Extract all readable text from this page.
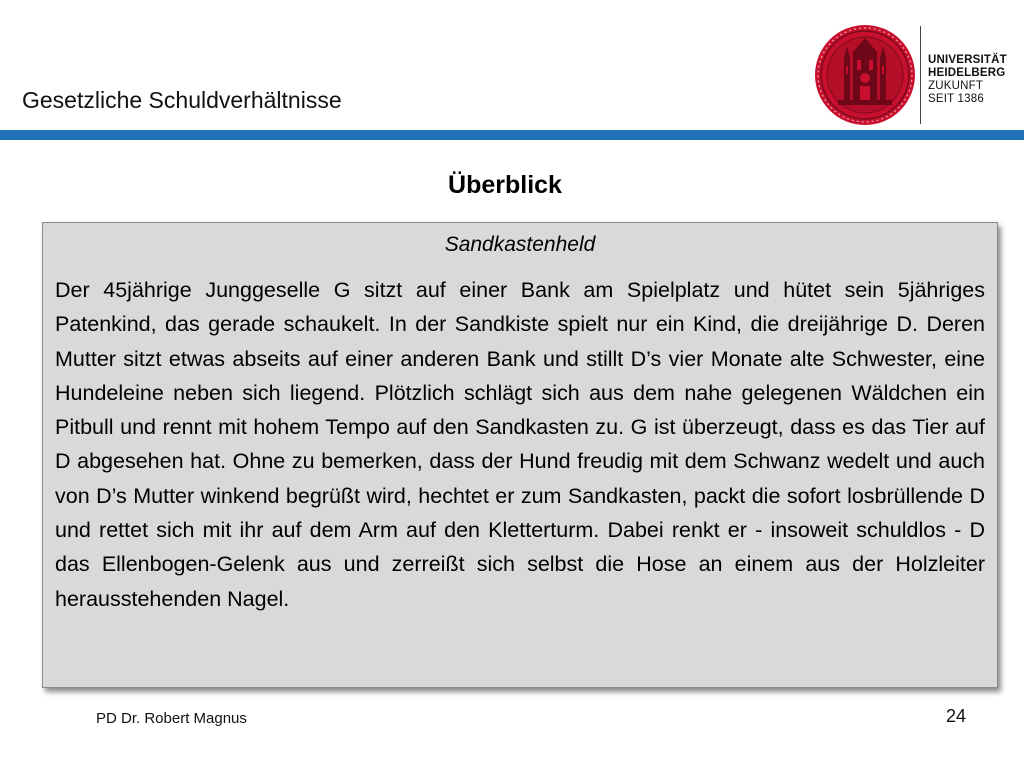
Gesetzliche Schuldverhältnisse
UNIVERSITÄT
HEIDELBERG
ZUKUNFT
SEIT 1386
Überblick
Sandkastenheld
Der 45jährige Junggeselle G sitzt auf einer Bank am Spielplatz und hütet sein 5jähriges Patenkind, das gerade schaukelt. In der Sandkiste spielt nur ein Kind, die dreijährige D. Deren Mutter sitzt etwas abseits auf einer anderen Bank und stillt D’s vier Monate alte Schwester, eine Hundeleine neben sich liegend. Plötzlich schlägt sich aus dem nahe gelegenen Wäldchen ein Pitbull und rennt mit hohem Tempo auf den Sandkasten zu. G ist überzeugt, dass es das Tier auf D abgesehen hat. Ohne zu bemerken, dass der Hund freudig mit dem Schwanz wedelt und auch von D’s Mutter winkend begrüßt wird, hechtet er zum Sandkasten, packt die sofort losbrüllende D und rettet sich mit ihr auf dem Arm auf den Kletterturm. Dabei renkt er - insoweit schuldlos - D das Ellenbogen-Gelenk aus und zerreißt sich selbst die Hose an einem aus der Holzleiter herausstehenden Nagel.
PD Dr. Robert Magnus	24
